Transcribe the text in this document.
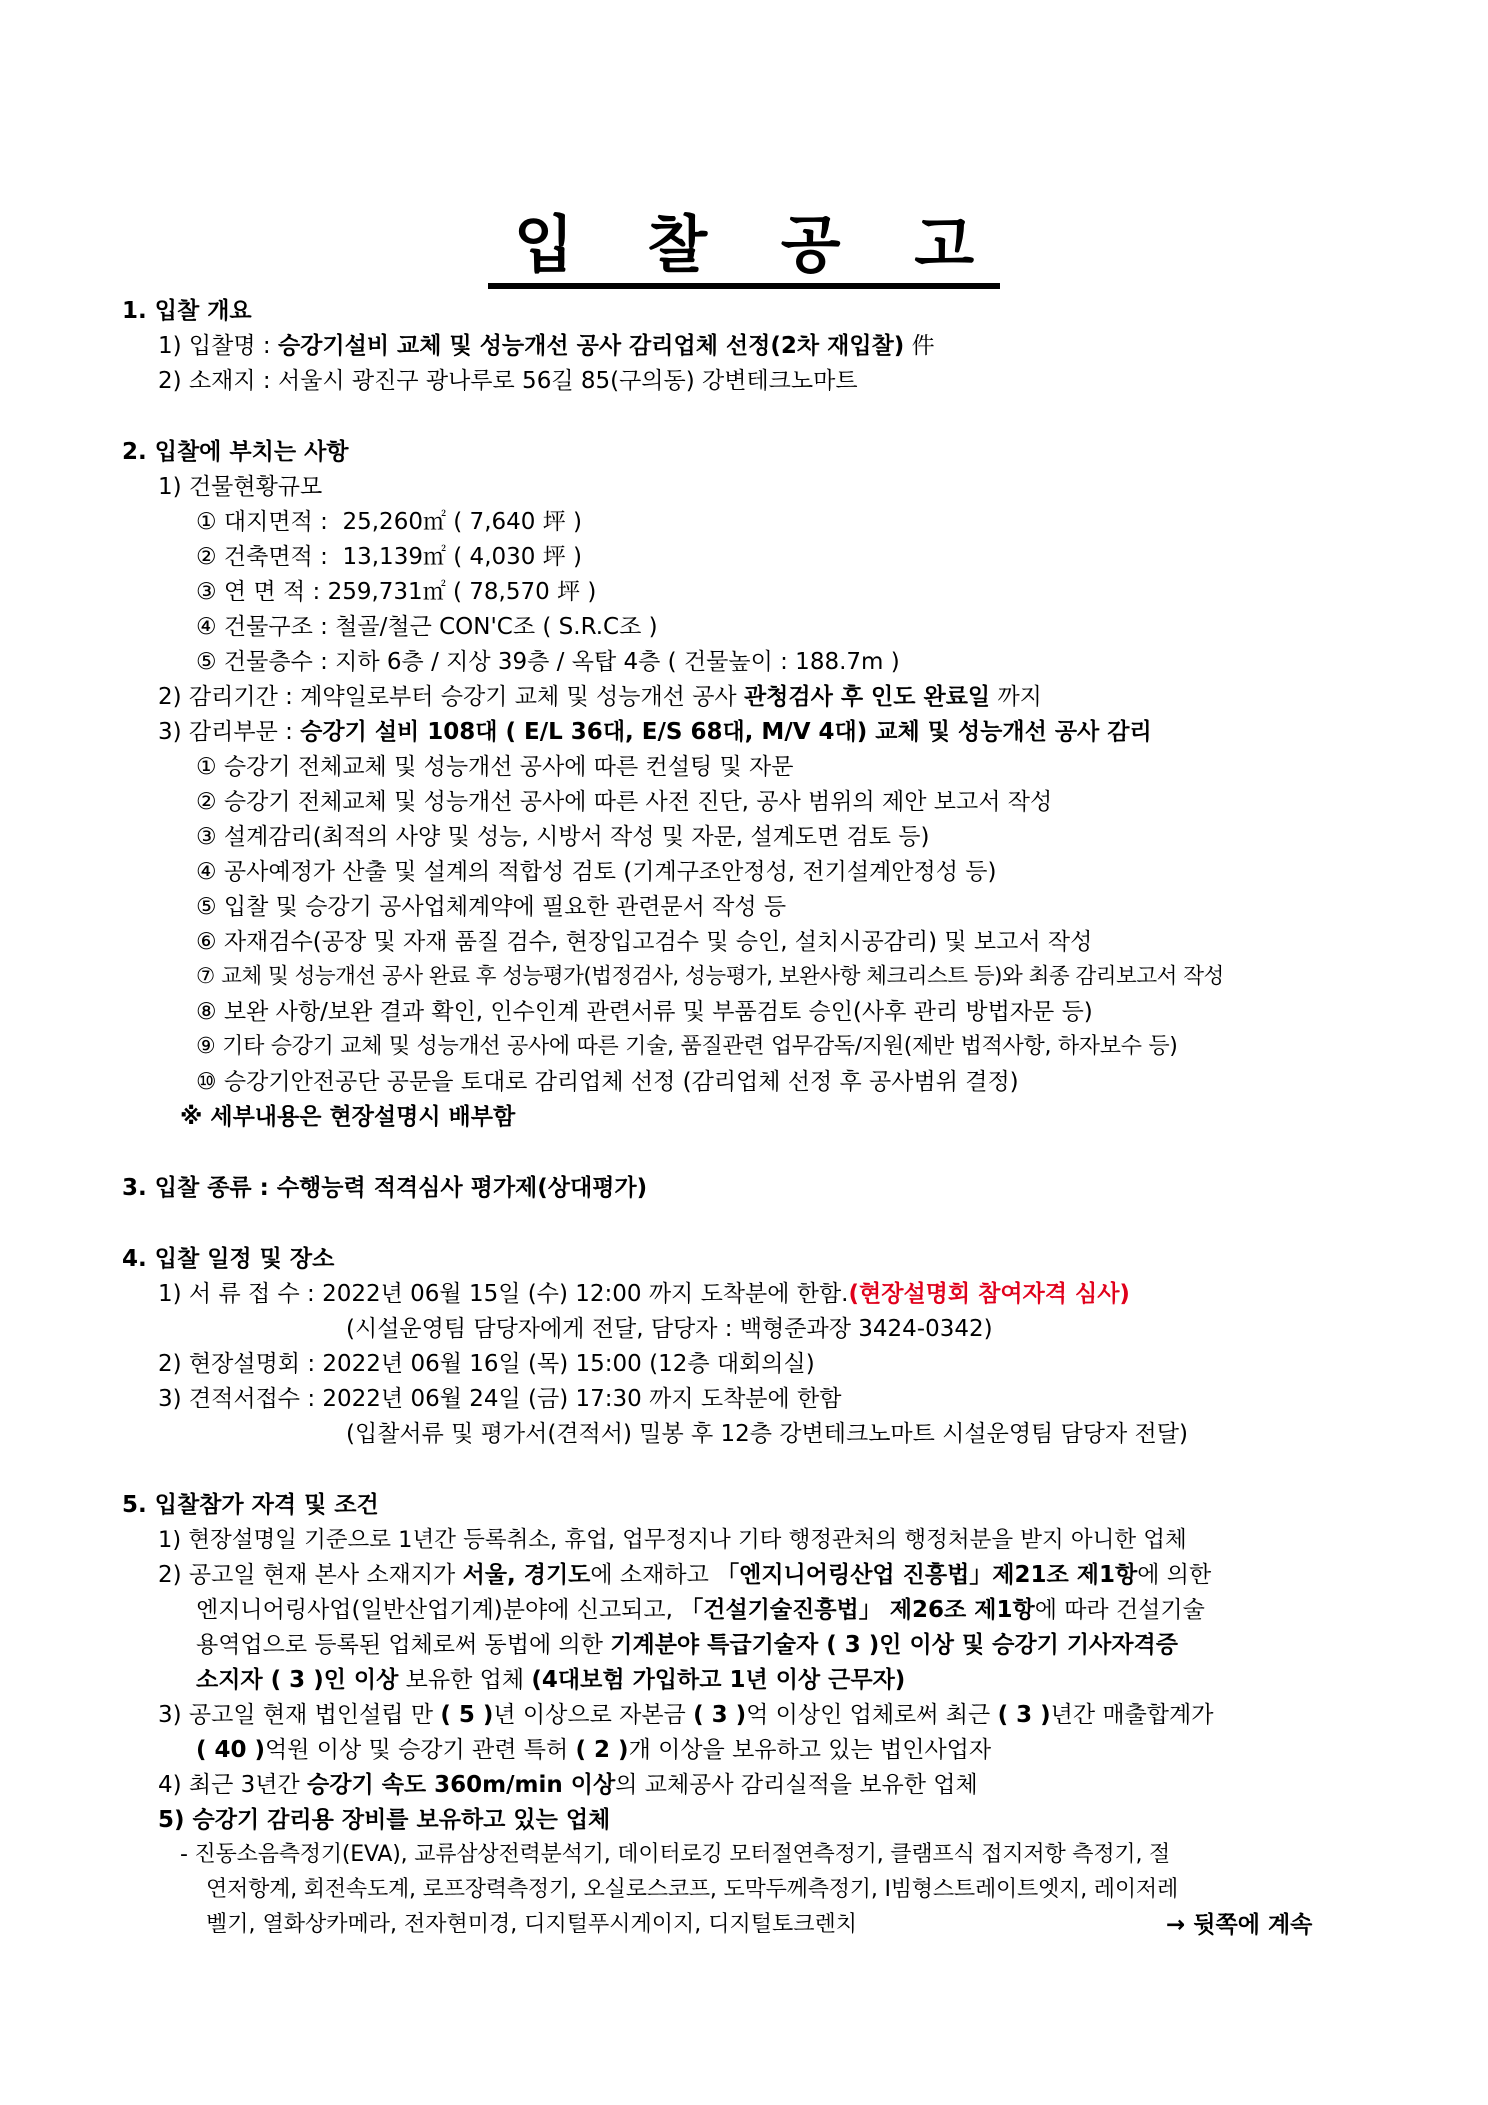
입 찰 공 고
1. 입찰 개요
1) 입찰명 : 승강기설비 교체 및 성능개선 공사 감리업체 선정(2차 재입찰) 件
2) 소재지 : 서울시 광진구 광나루로 56길 85(구의동) 강변테크노마트
2. 입찰에 부치는 사항
1) 건물현황규모
① 대지면적 :  25,260㎡ ( 7,640 坪 )
② 건축면적 :  13,139㎡ ( 4,030 坪 )
③ 연 면 적 : 259,731㎡ ( 78,570 坪 )
④ 건물구조 : 철골/철근 CON'C조 ( S.R.C조 )
⑤ 건물층수 : 지하 6층 / 지상 39층 / 옥탑 4층 ( 건물높이 : 188.7m )
2) 감리기간 : 계약일로부터 승강기 교체 및 성능개선 공사 관청검사 후 인도 완료일 까지
3) 감리부문 : 승강기 설비 108대 ( E/L 36대, E/S 68대, M/V 4대) 교체 및 성능개선 공사 감리
① 승강기 전체교체 및 성능개선 공사에 따른 컨설팅 및 자문
② 승강기 전체교체 및 성능개선 공사에 따른 사전 진단, 공사 범위의 제안 보고서 작성
③ 설계감리(최적의 사양 및 성능, 시방서 작성 및 자문, 설계도면 검토 등)
④ 공사예정가 산출 및 설계의 적합성 검토 (기계구조안정성, 전기설계안정성 등)
⑤ 입찰 및 승강기 공사업체계약에 필요한 관련문서 작성 등
⑥ 자재검수(공장 및 자재 품질 검수, 현장입고검수 및 승인, 설치시공감리) 및 보고서 작성
⑦ 교체 및 성능개선 공사 완료 후 성능평가(법정검사, 성능평가, 보완사항 체크리스트 등)와 최종 감리보고서 작성
⑧ 보완 사항/보완 결과 확인, 인수인계 관련서류 및 부품검토 승인(사후 관리 방법자문 등)
⑨ 기타 승강기 교체 및 성능개선 공사에 따른 기술, 품질관련 업무감독/지원(제반 법적사항, 하자보수 등)
⑩ 승강기안전공단 공문을 토대로 감리업체 선정 (감리업체 선정 후 공사범위 결정)
※ 세부내용은 현장설명시 배부함
3. 입찰 종류 : 수행능력 적격심사 평가제(상대평가)
4. 입찰 일정 및 장소
1) 서 류 접 수 : 2022년 06월 15일 (수) 12:00 까지 도착분에 한함.(현장설명회 참여자격 심사)
(시설운영팀 담당자에게 전달, 담당자 : 백형준과장 3424-0342)
2) 현장설명회 : 2022년 06월 16일 (목) 15:00 (12층 대회의실)
3) 견적서접수 : 2022년 06월 24일 (금) 17:30 까지 도착분에 한함
(입찰서류 및 평가서(견적서) 밀봉 후 12층 강변테크노마트 시설운영팀 담당자 전달)
5. 입찰참가 자격 및 조건
1) 현장설명일 기준으로 1년간 등록취소, 휴업, 업무정지나 기타 행정관처의 행정처분을 받지 아니한 업체
2) 공고일 현재 본사 소재지가 서울, 경기도에 소재하고 「엔지니어링산업 진흥법」제21조 제1항에 의한
엔지니어링사업(일반산업기계)분야에 신고되고, 「건설기술진흥법」 제26조 제1항에 따라 건설기술
용역업으로 등록된 업체로써 동법에 의한 기계분야 특급기술자 ( 3 )인 이상 및 승강기 기사자격증
소지자 ( 3 )인 이상 보유한 업체 (4대보험 가입하고 1년 이상 근무자)
3) 공고일 현재 법인설립 만 ( 5 )년 이상으로 자본금 ( 3 )억 이상인 업체로써 최근 ( 3 )년간 매출합계가
( 40 )억원 이상 및 승강기 관련 특허 ( 2 )개 이상을 보유하고 있는 법인사업자
4) 최근 3년간 승강기 속도 360m/min 이상의 교체공사 감리실적을 보유한 업체
5) 승강기 감리용 장비를 보유하고 있는 업체
- 진동소음측정기(EVA), 교류삼상전력분석기, 데이터로깅 모터절연측정기, 클램프식 접지저항 측정기, 절
연저항계, 회전속도계, 로프장력측정기, 오실로스코프, 도막두께측정기, I빔형스트레이트엣지, 레이저레
벨기, 열화상카메라, 전자현미경, 디지털푸시게이지, 디지털토크렌치	→ 뒷쪽에 계속
